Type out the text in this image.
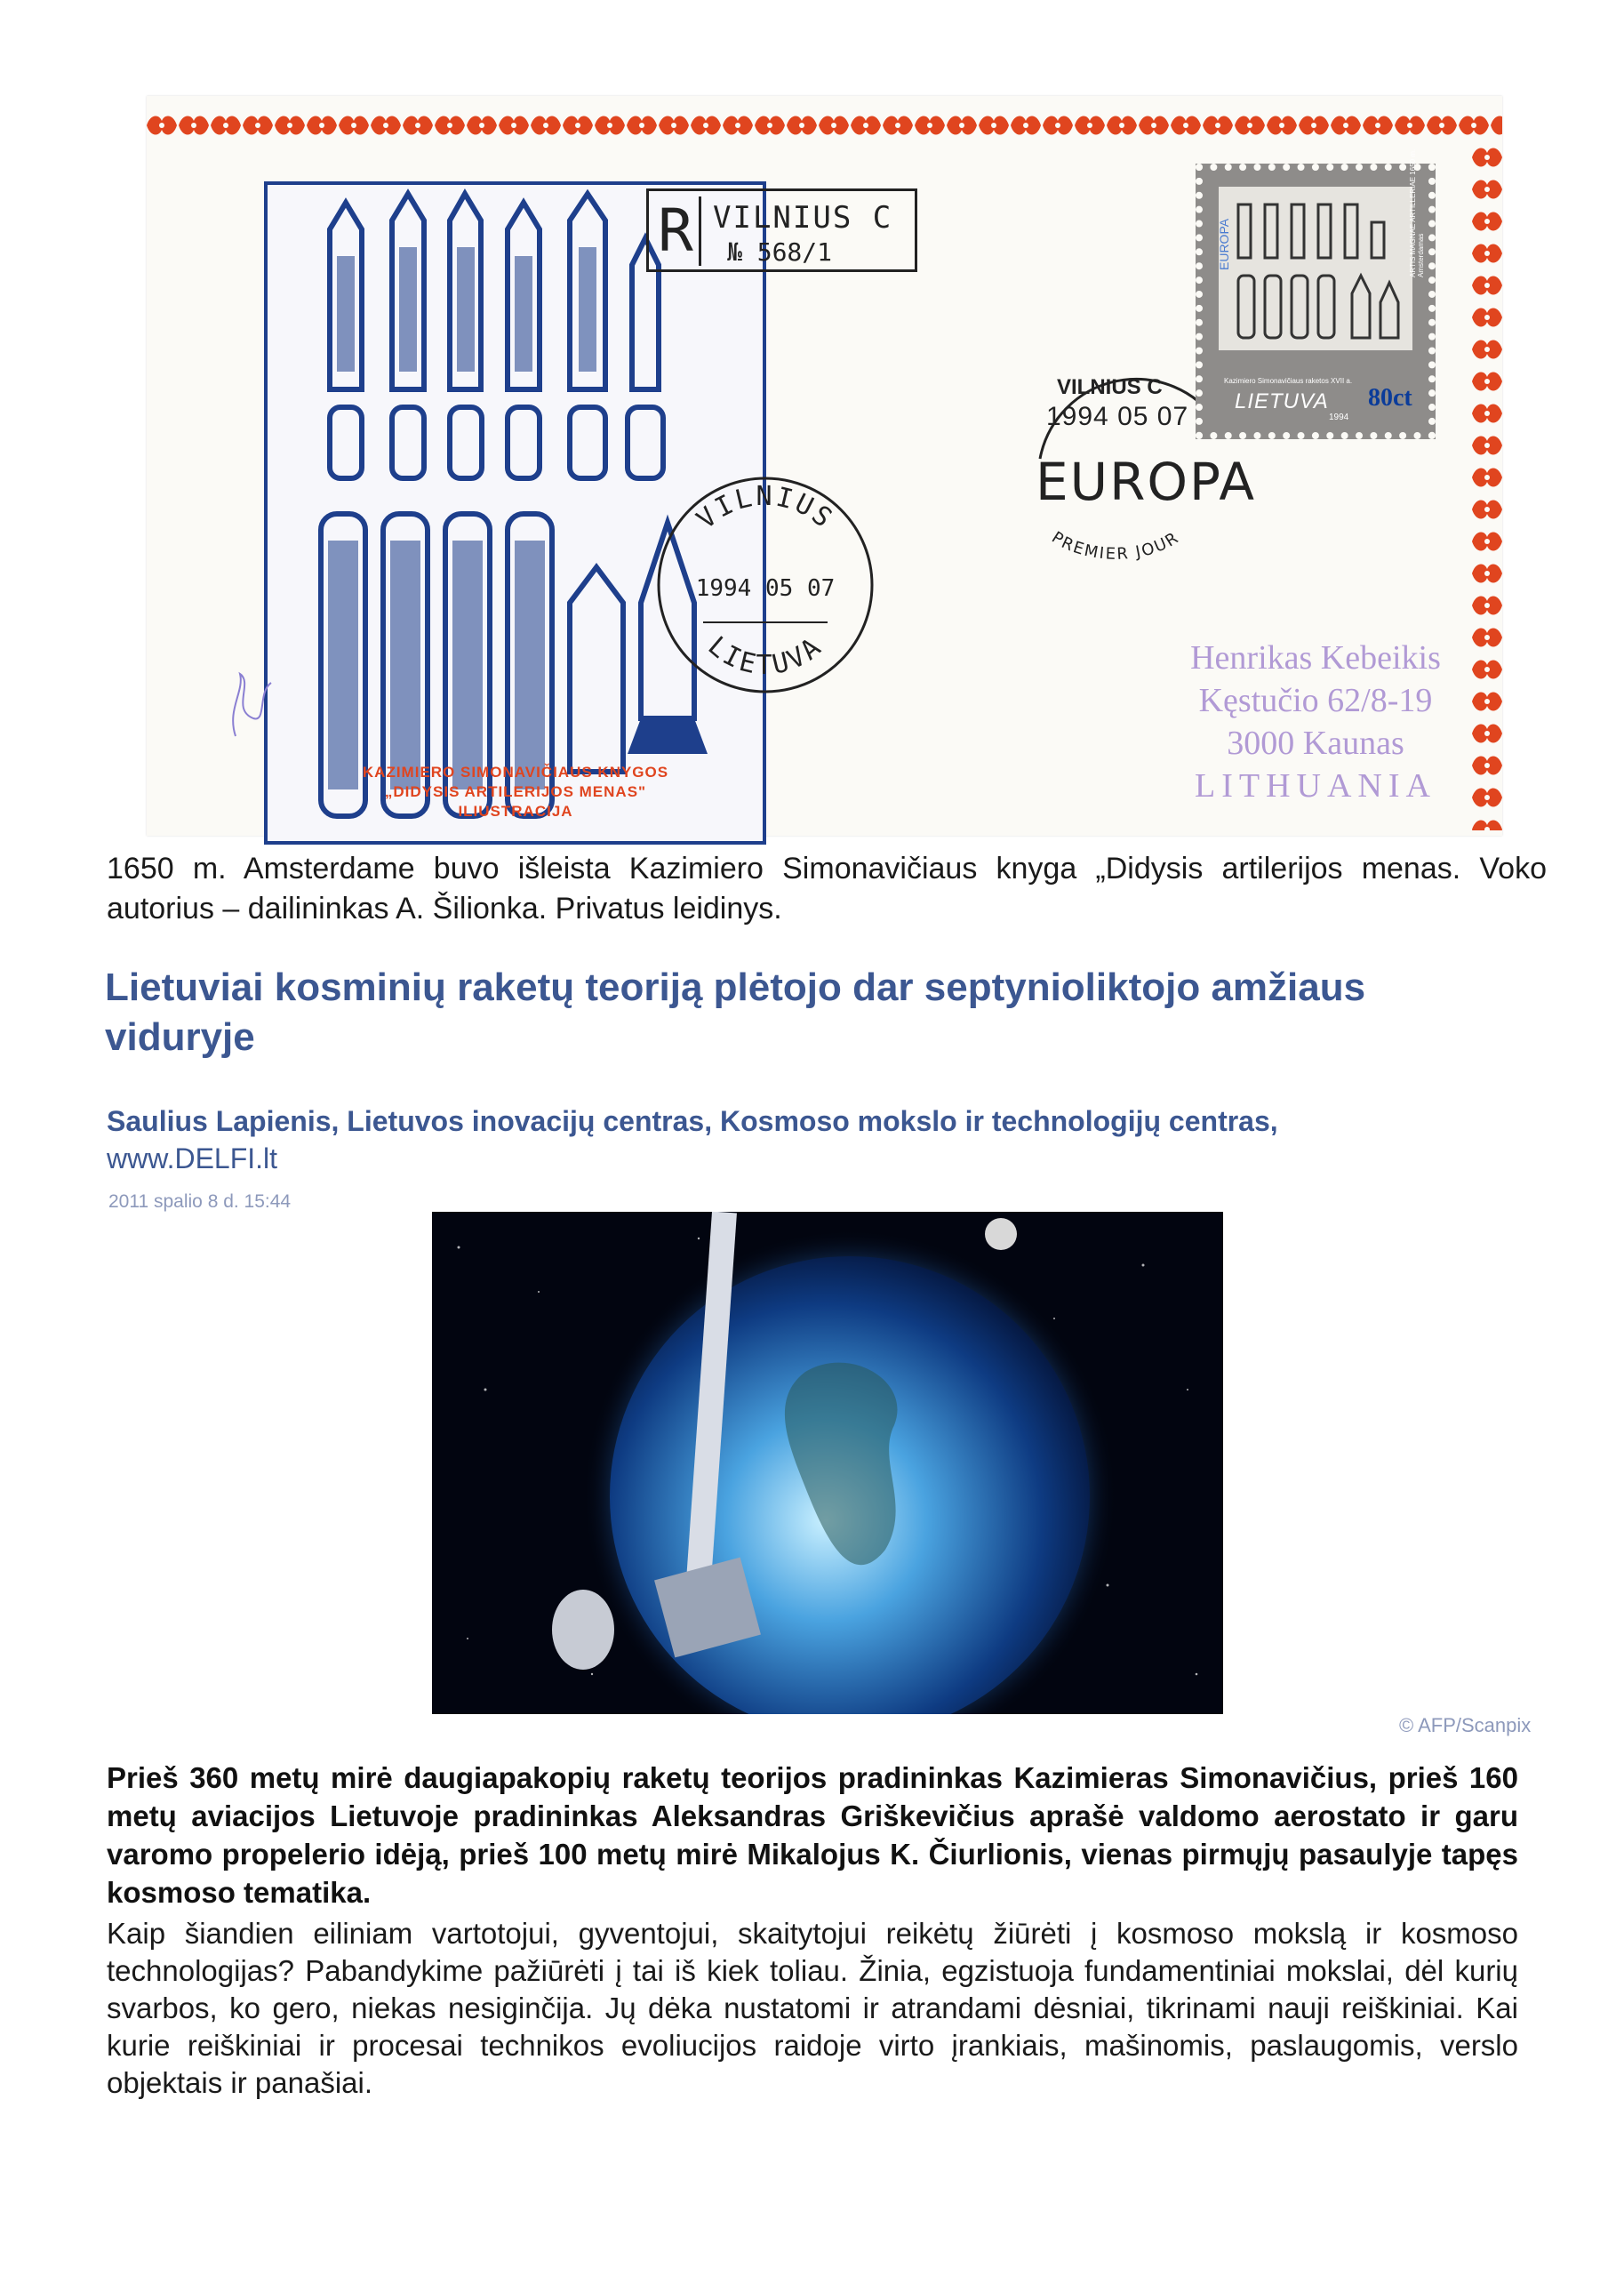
KAZIMIERO SIMONAVIČIAUS KNYGOS
„DIDYSIS ARTILERIJOS MENAS"
ILIUSTRACIJA
R VILNIUS C
№ 568/1
VILNIUS
1994 05 07
LIETUVA
VILNIUS C
1994 05 07
EUROPA
PREMIER JOUR
EUROPA	ARTIS MAGNAE ARTILLERIAE 1650 m. Amsterdamas
Kazimiero Simonavičiaus raketos XVII a.
LIETUVA
1994
80ct
Henrikas Kebeikis
Kęstučio 62/8-19
3000 Kaunas
LITHUANIA
1650 m. Amsterdame buvo išleista Kazimiero Simonavičiaus knyga „Didysis artilerijos menas. Voko autorius – dailininkas A. Šilionka. Privatus leidinys.
Lietuviai kosminių raketų teoriją plėtojo dar septynioliktojo amžiaus viduryje
Saulius Lapienis, Lietuvos inovacijų centras, Kosmoso mokslo ir technologijų centras,
www.DELFI.lt
2011 spalio 8 d. 15:44
© AFP/Scanpix
Prieš 360 metų mirė daugiapakopių raketų teorijos pradininkas Kazimieras Simonavičius, prieš 160 metų aviacijos Lietuvoje pradininkas Aleksandras Griškevičius aprašė valdomo aerostato ir garu varomo propelerio idėją, prieš 100 metų mirė Mikalojus K. Čiurlionis, vienas pirmųjų pasaulyje tapęs kosmoso tematika.
Kaip šiandien eiliniam vartotojui, gyventojui, skaitytojui reikėtų žiūrėti į kosmoso mokslą ir kosmoso technologijas? Pabandykime pažiūrėti į tai iš kiek toliau. Žinia, egzistuoja fundamentiniai mokslai, dėl kurių svarbos, ko gero, niekas nesiginčija. Jų dėka nustatomi ir atrandami dėsniai, tikrinami nauji reiškiniai. Kai kurie reiškiniai ir procesai technikos evoliucijos raidoje virto įrankiais, mašinomis, paslaugomis, verslo objektais ir panašiai.
